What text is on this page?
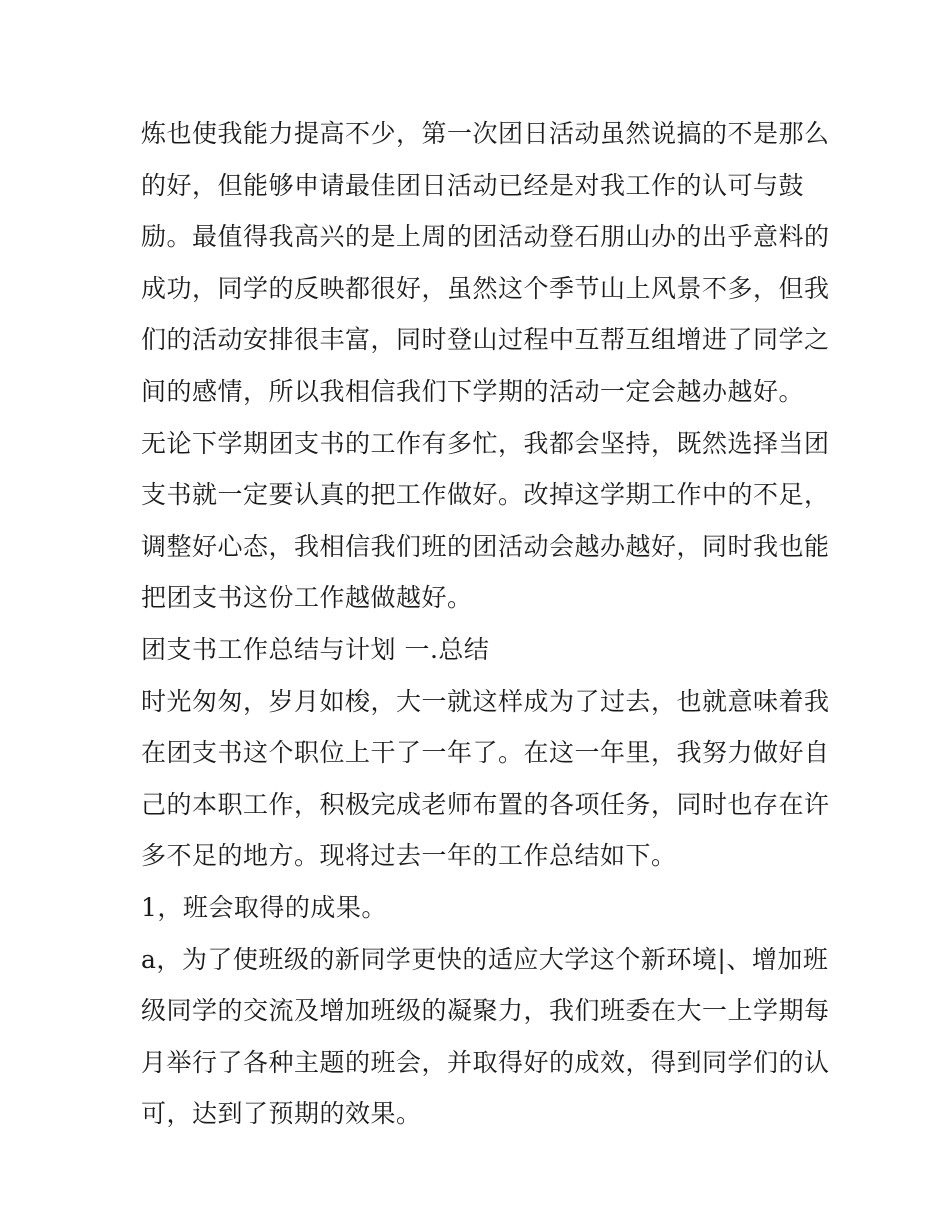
炼也使我能力提高不少，第一次团日活动虽然说搞的不是那么
的好，但能够申请最佳团日活动已经是对我工作的认可与鼓
励。最值得我高兴的是上周的团活动登石朋山办的出乎意料的
成功，同学的反映都很好，虽然这个季节山上风景不多，但我
们的活动安排很丰富，同时登山过程中互帮互组增进了同学之
间的感情，所以我相信我们下学期的活动一定会越办越好。
无论下学期团支书的工作有多忙，我都会坚持，既然选择当团
支书就一定要认真的把工作做好。改掉这学期工作中的不足，
调整好心态，我相信我们班的团活动会越办越好，同时我也能
把团支书这份工作越做越好。
团支书工作总结与计划 一.总结
时光匆匆，岁月如梭，大一就这样成为了过去，也就意味着我
在团支书这个职位上干了一年了。在这一年里，我努力做好自
己的本职工作，积极完成老师布置的各项任务，同时也存在许
多不足的地方。现将过去一年的工作总结如下。
1，班会取得的成果。
a，为了使班级的新同学更快的适应大学这个新环境|、增加班
级同学的交流及增加班级的凝聚力，我们班委在大一上学期每
月举行了各种主题的班会，并取得好的成效，得到同学们的认
可，达到了预期的效果。
